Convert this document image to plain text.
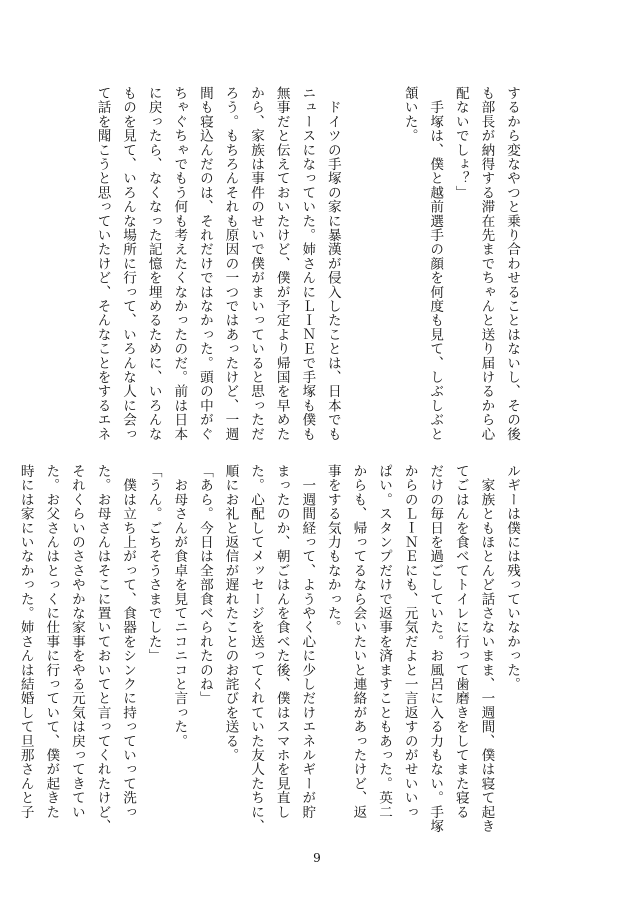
するから変なやつと乗り合わせることはないし、その後

も部長が納得する滞在先までちゃんと送り届けるから心

配ないでしょ？」

　手塚は、僕と越前選手の顔を何度も見て、しぶしぶと

頷いた。

　ドイツの手塚の家に暴漢が侵入したことは、日本でも

ニュースになっていた。姉さんにＬＩＮＥで手塚も僕も

無事だと伝えておいたけど、僕が予定より帰国を早めた

から、家族は事件のせいで僕がまいっていると思っただ

ろう。もちろんそれも原因の一つではあったけど、一週

間も寝込んだのは、それだけではなかった。頭の中がぐ

ちゃぐちゃでもう何も考えたくなかったのだ。前は日本

に戻ったら、なくなった記憶を埋めるために、いろんな

ものを見て、いろんな場所に行って、いろんな人に会っ

て話を聞こうと思っていたけど、そんなことをするエネ

ルギーは僕には残っていなかった。

　家族ともほとんど話さないまま、一週間、僕は寝て起き

てごはんを食べてトイレに行って歯磨きをしてまた寝る

だけの毎日を過ごしていた。お風呂に入る力もない。手塚

からのＬＩＮＥにも、元気だよと一言返すのがせいいっ

ぱい。スタンプだけで返事を済ますこともあった。英二

からも、帰ってるなら会いたいと連絡があったけど、返

事をする気力もなかった。

　一週間経って、ようやく心に少しだけエネルギーが貯

まったのか、朝ごはんを食べた後、僕はスマホを見直し

た。心配してメッセージを送ってくれていた友人たちに、

順にお礼と返信が遅れたことのお詫びを送る。

「あら。今日は全部食べられたのね」

　お母さんが食卓を見てニコニコと言った。

「うん。ごちそうさまでした」

　僕は立ち上がって、食器をシンクに持っていって洗っ

た。お母さんはそこに置いておいてと言ってくれたけど、

それくらいのささやかな家事をやる元気は戻ってきてい

た。お父さんはとっくに仕事に行っていて、僕が起きた

時には家にいなかった。姉さんは結婚して旦那さんと子

9
